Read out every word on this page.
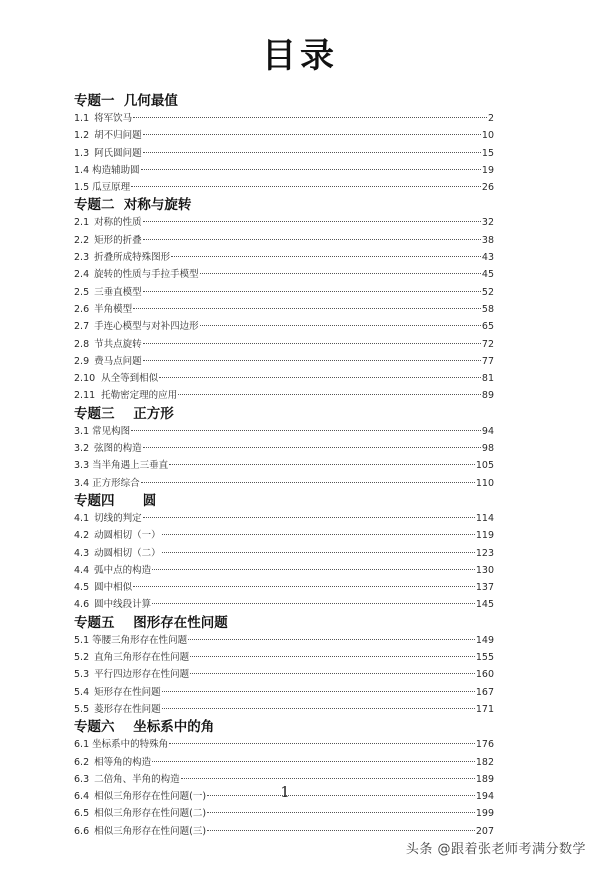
目录
专题一  几何最值
1.1 将军饮马	2
1.2 胡不归问题	10
1.3 阿氏圆问题	15
1.4 构造辅助圆	19
1.5 瓜豆原理	26
专题二  对称与旋转
2.1 对称的性质	32
2.2 矩形的折叠	38
2.3 折叠所成特殊图形	43
2.4 旋转的性质与手拉手模型	45
2.5 三垂直模型	52
2.6 半角模型	58
2.7 手连心模型与对补四边形	65
2.8 节共点旋转	72
2.9 费马点问题	77
2.10 从全等到相似	81
2.11 托勒密定理的应用	89
专题三    正方形
3.1 常见构图	94
3.2 弦图的构造	98
3.3 当半角遇上三垂直	105
3.4 正方形综合	110
专题四      圆
4.1 切线的判定	114
4.2 动圆相切（一）	119
4.3 动圆相切（二）	123
4.4 弧中点的构造	130
4.5 圆中相似	137
4.6 圆中线段计算	145
专题五    图形存在性问题
5.1 等腰三角形存在性问题	149
5.2 直角三角形存在性问题	155
5.3 平行四边形存在性问题	160
5.4 矩形存在性问题	167
5.5 菱形存在性问题	171
专题六    坐标系中的角
6.1 坐标系中的特殊角	176
6.2 相等角的构造	182
6.3 二倍角、半角的构造	189
6.4 相似三角形存在性问题(一)	194
6.5 相似三角形存在性问题(二)	199
6.6 相似三角形存在性问题(三)	207
1
头条 @跟着张老师考满分数学
